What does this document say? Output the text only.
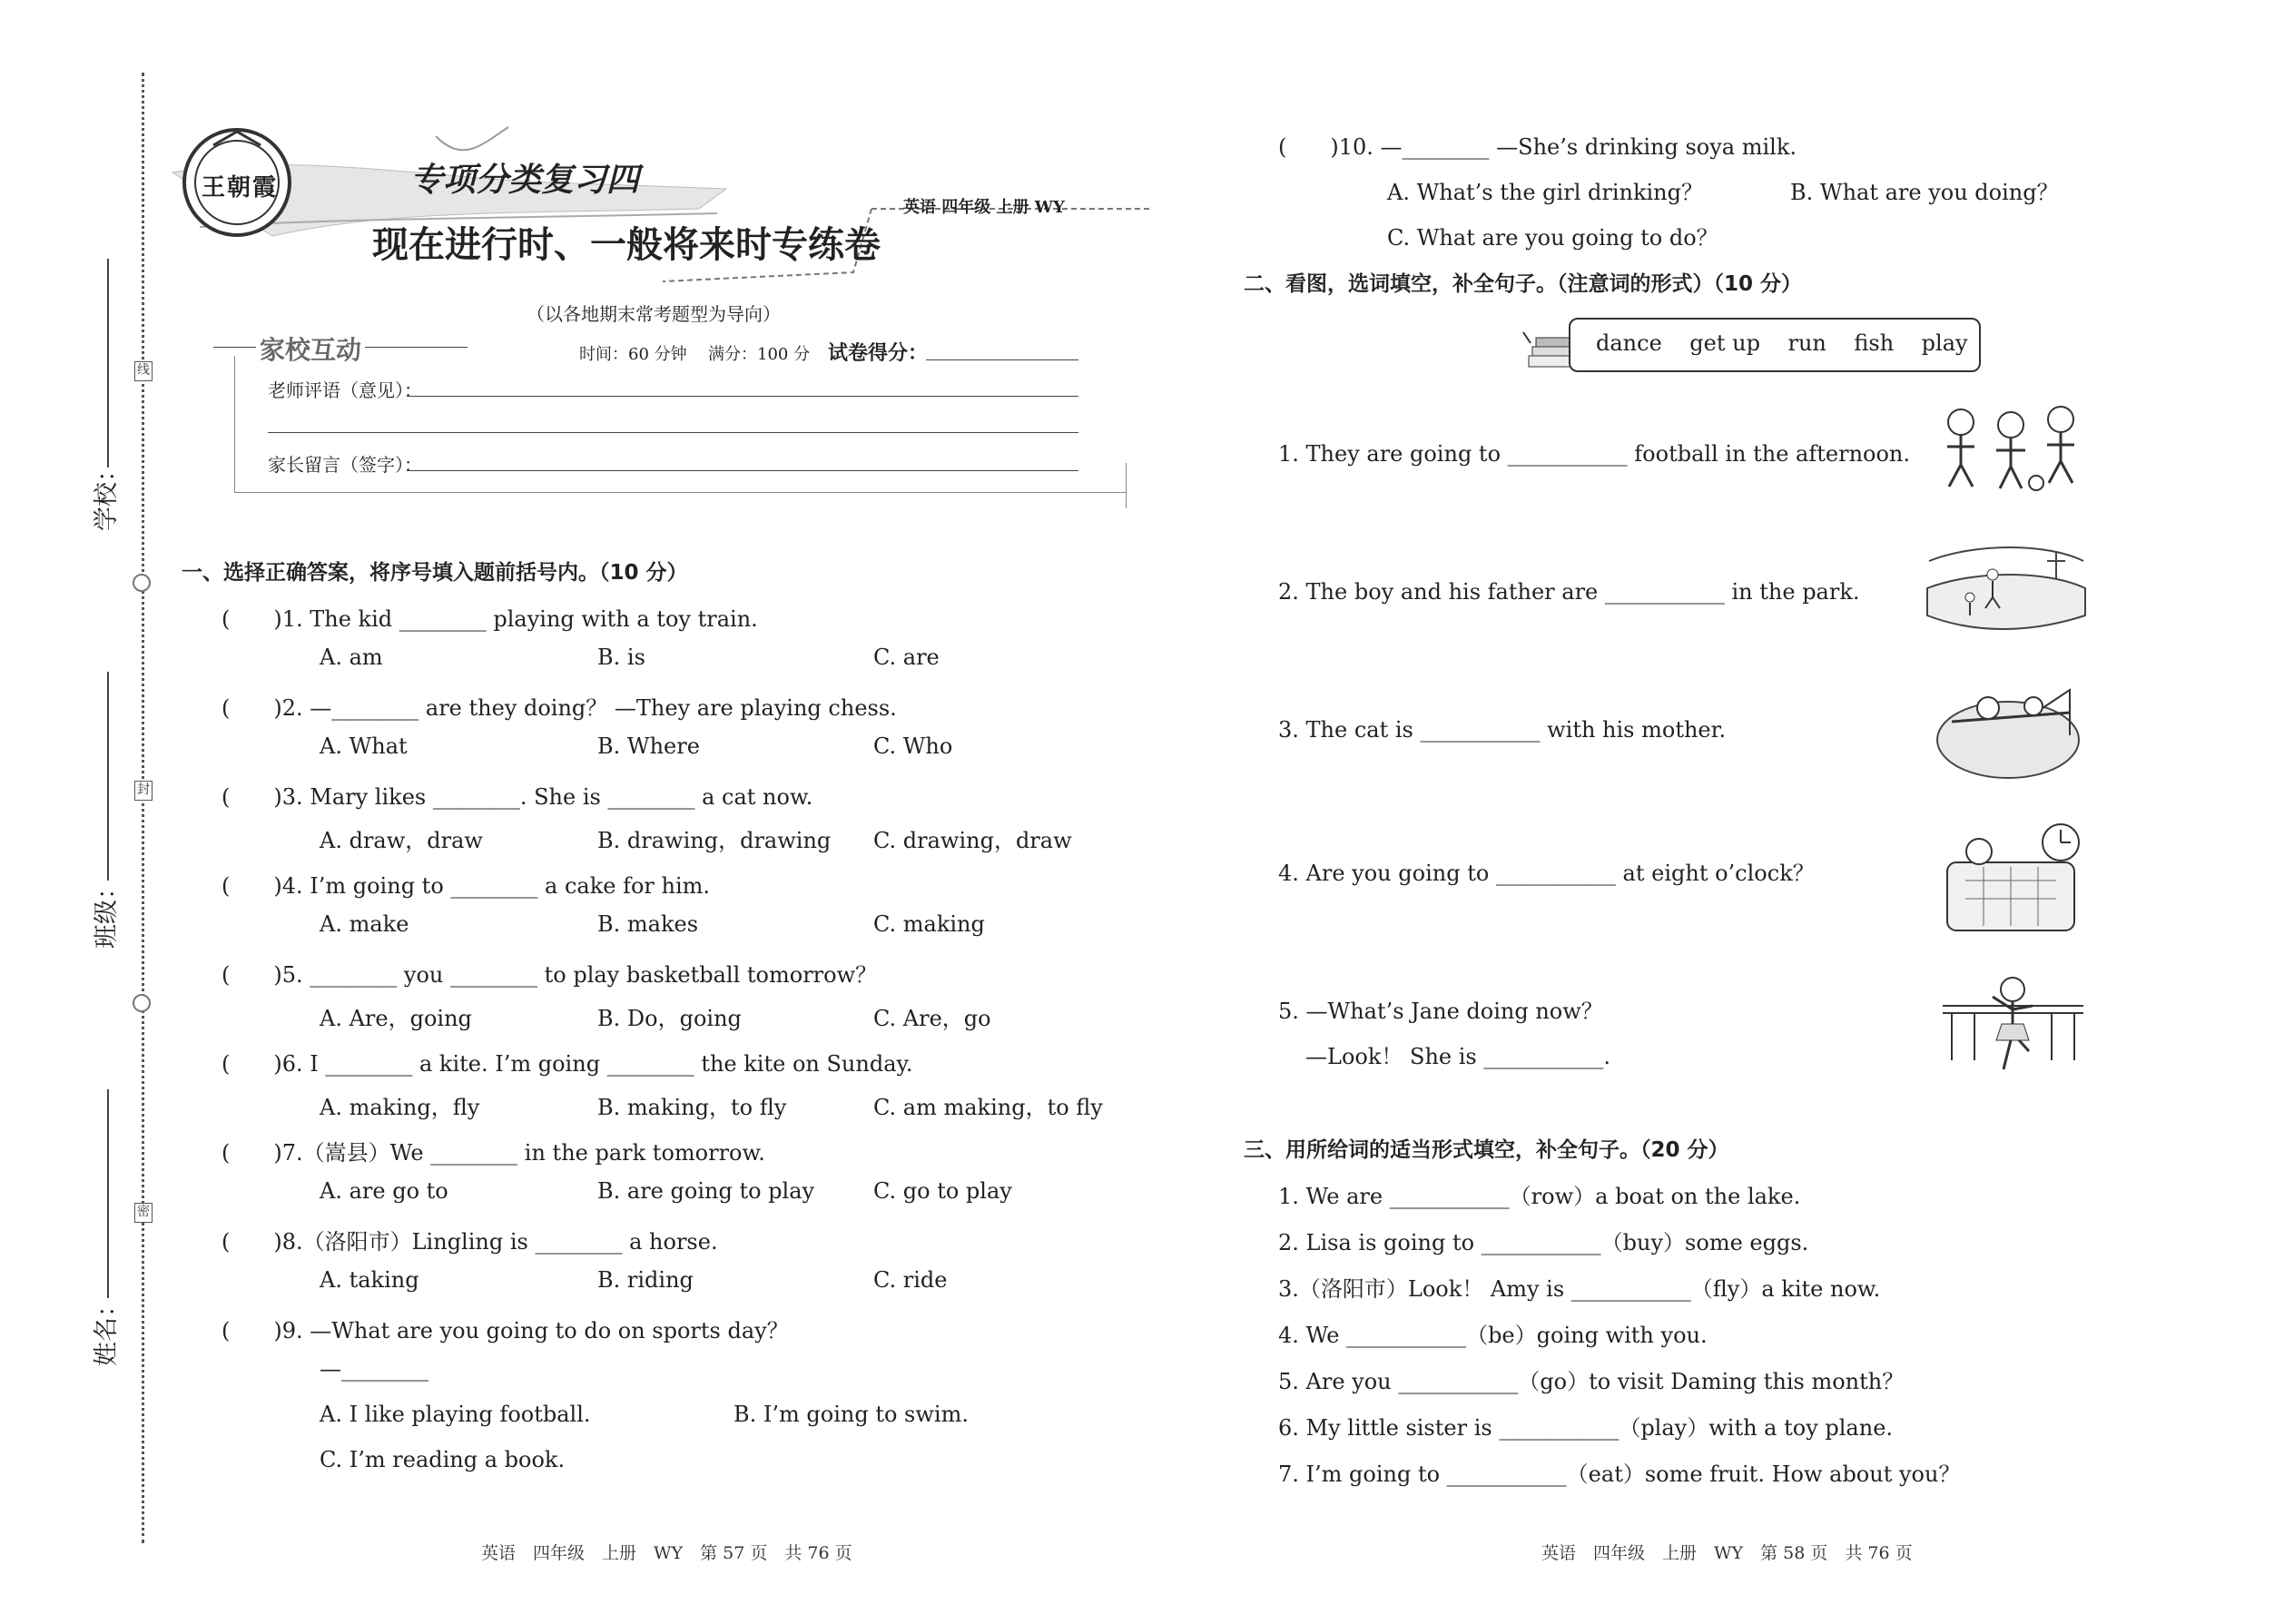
学校：
班级：
姓名：
线
封
密
王朝霞	专项分类复习四
现在进行时、一般将来时专练卷
英语 四年级 上册 WY
（以各地期末常考题型为导向）
家校互动	时间：60 分钟 满分：100 分 试卷得分：
老师评语（意见）：
家长留言（签字）：
一、选择正确答案，将序号填入题前括号内。（10 分）
(　　)1. The kid ________ playing with a toy train.
A. am	B. is	C. are
(　　)2. —________ are they doing？ —They are playing chess.
A. What	B. Where	C. Who
(　　)3. Mary likes ________. She is ________ a cat now.
A. draw，draw	B. drawing，drawing C. drawing，draw
(　　)4. I’m going to ________ a cake for him.
A. make	B. makes	C. making
(　　)5. ________ you ________ to play basketball tomorrow？
A. Are，going	B. Do，going	C. Are，go
(　　)6. I ________ a kite. I’m going ________ the kite on Sunday.
A. making，fly	B. making，to fly	C. am making，to fly
(　　)7.（嵩县）We ________ in the park tomorrow.
A. are go to	B. are going to play	C. go to play
(　　)8.（洛阳市）Lingling is ________ a horse.
A. taking	B. riding	C. ride
(　　)9. —What are you going to do on sports day？
—________
A. I like playing football.	B. I’m going to swim.
C. I’m reading a book.
英语　四年级　上册　WY　第 57 页　共 76 页
(　　)10. —________ —She’s drinking soya milk.
A. What’s the girl drinking？	B. What are you doing？
C. What are you going to do？
二、看图，选词填空，补全句子。（注意词的形式）（10 分）
dance    get up    run    fish    play
1. They are going to ___________ football in the afternoon.
2. The boy and his father are ___________ in the park.
3. The cat is ___________ with his mother.
4. Are you going to ___________ at eight o’clock？
5. —What’s Jane doing now？
—Look！ She is ___________.
三、用所给词的适当形式填空，补全句子。（20 分）
1. We are ___________（row）a boat on the lake.
2. Lisa is going to ___________（buy）some eggs.
3.（洛阳市）Look！ Amy is ___________（fly）a kite now.
4. We ___________（be）going with you.
5. Are you ___________（go）to visit Daming this month？
6. My little sister is ___________（play）with a toy plane.
7. I’m going to ___________（eat）some fruit. How about you？
英语　四年级　上册　WY　第 58 页　共 76 页
